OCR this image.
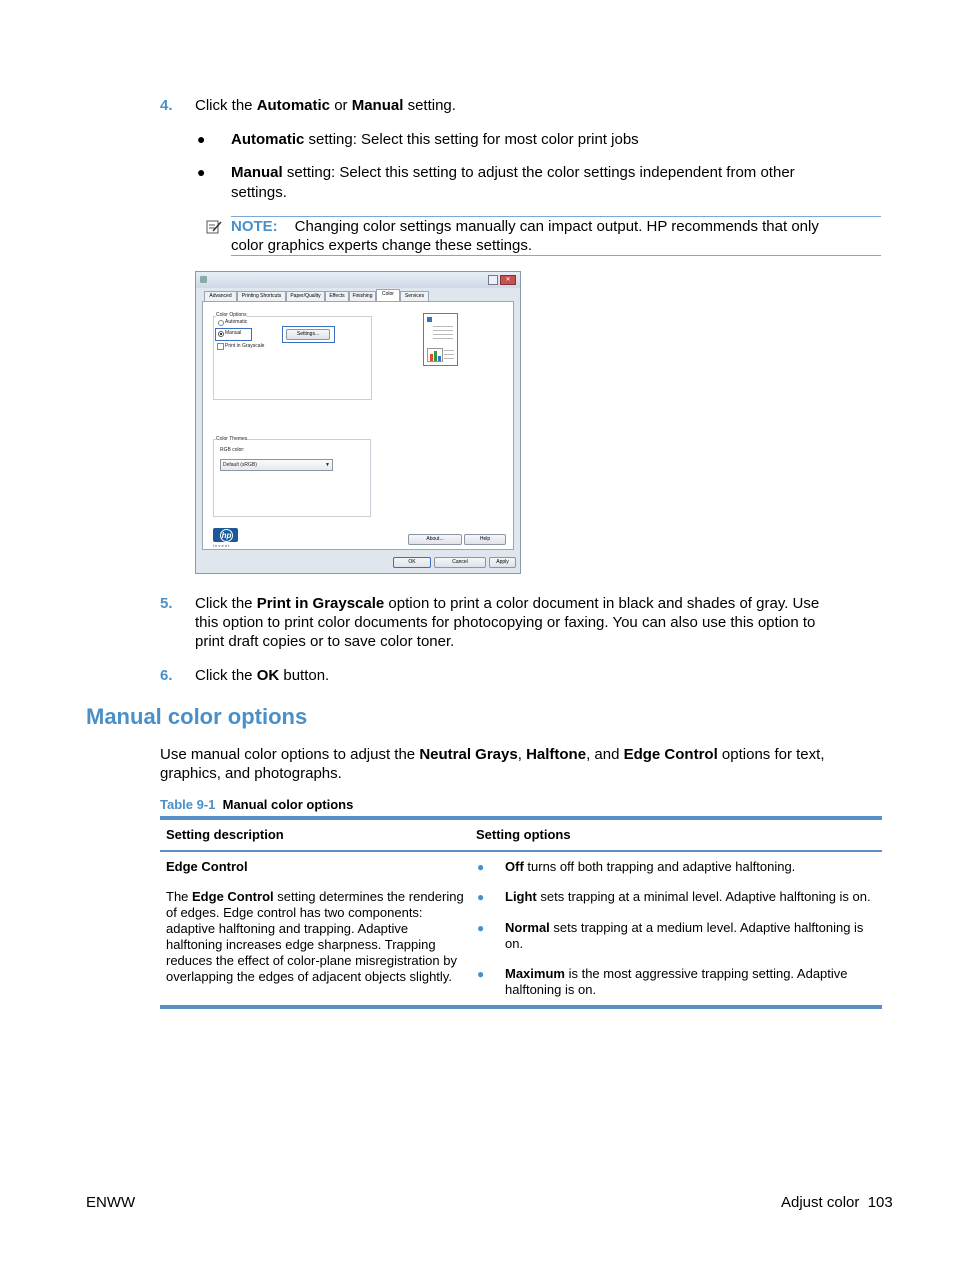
4. Click the Automatic or Manual setting.
● Automatic setting: Select this setting for most color print jobs
● Manual setting: Select this setting to adjust the color settings independent from other
settings.
NOTE: Changing color settings manually can impact output. HP recommends that only
color graphics experts change these settings.
✕
Advanced	Printing Shortcuts	Paper/Quality	Effects	Finishing	Color	Services
Color Options
Automatic
Manual	Settings...
Print in Grayscale
Color Themes
RGB color:
Default (sRGB)	▼
hp
i n v e n t
About...	Help
OK	Cancel	Apply
5. Click the Print in Grayscale option to print a color document in black and shades of gray. Use
this option to print color documents for photocopying or faxing. You can also use this option to
print draft copies or to save color toner.
6. Click the OK button.
Manual color options
Use manual color options to adjust the Neutral Grays, Halftone, and Edge Control options for text,
graphics, and photographs.
Table 9-1 Manual color options
Setting description	Setting options
Edge Control
The Edge Control setting determines the rendering
of edges. Edge control has two components:
adaptive halftoning and trapping. Adaptive
halftoning increases edge sharpness. Trapping
reduces the effect of color-plane misregistration by
overlapping the edges of adjacent objects slightly.
● Off turns off both trapping and adaptive halftoning.
● Light sets trapping at a minimal level. Adaptive halftoning is on.
● Normal sets trapping at a medium level. Adaptive halftoning is
on.
● Maximum is the most aggressive trapping setting. Adaptive
halftoning is on.
ENWW	Adjust color 103
